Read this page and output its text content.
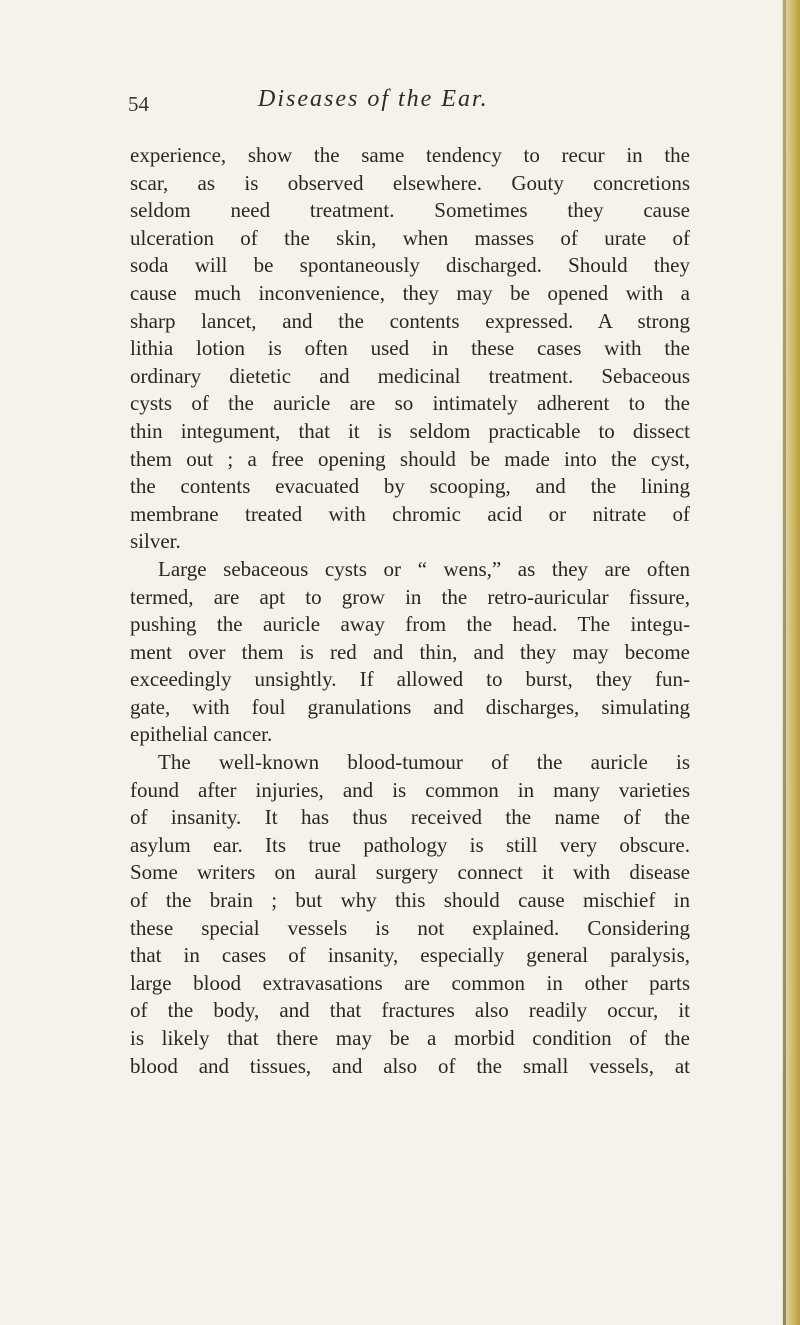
54	Diseases of the Ear.
experience, show the same tendency to recur in the
scar, as is observed elsewhere. Gouty concretions
seldom need treatment. Sometimes they cause
ulceration of the skin, when masses of urate of
soda will be spontaneously discharged. Should they
cause much inconvenience, they may be opened with a
sharp lancet, and the contents expressed. A strong
lithia lotion is often used in these cases with the
ordinary dietetic and medicinal treatment. Sebaceous
cysts of the auricle are so intimately adherent to the
thin integument, that it is seldom practicable to dissect
them out ; a free opening should be made into the cyst,
the contents evacuated by scooping, and the lining
membrane treated with chromic acid or nitrate of
silver.
Large sebaceous cysts or “ wens,” as they are often
termed, are apt to grow in the retro-auricular fissure,
pushing the auricle away from the head. The integu-
ment over them is red and thin, and they may become
exceedingly unsightly. If allowed to burst, they fun-
gate, with foul granulations and discharges, simulating
epithelial cancer.
The well-known blood-tumour of the auricle is
found after injuries, and is common in many varieties
of insanity. It has thus received the name of the
asylum ear. Its true pathology is still very obscure.
Some writers on aural surgery connect it with disease
of the brain ; but why this should cause mischief in
these special vessels is not explained. Considering
that in cases of insanity, especially general paralysis,
large blood extravasations are common in other parts
of the body, and that fractures also readily occur, it
is likely that there may be a morbid condition of the
blood and tissues, and also of the small vessels, at
